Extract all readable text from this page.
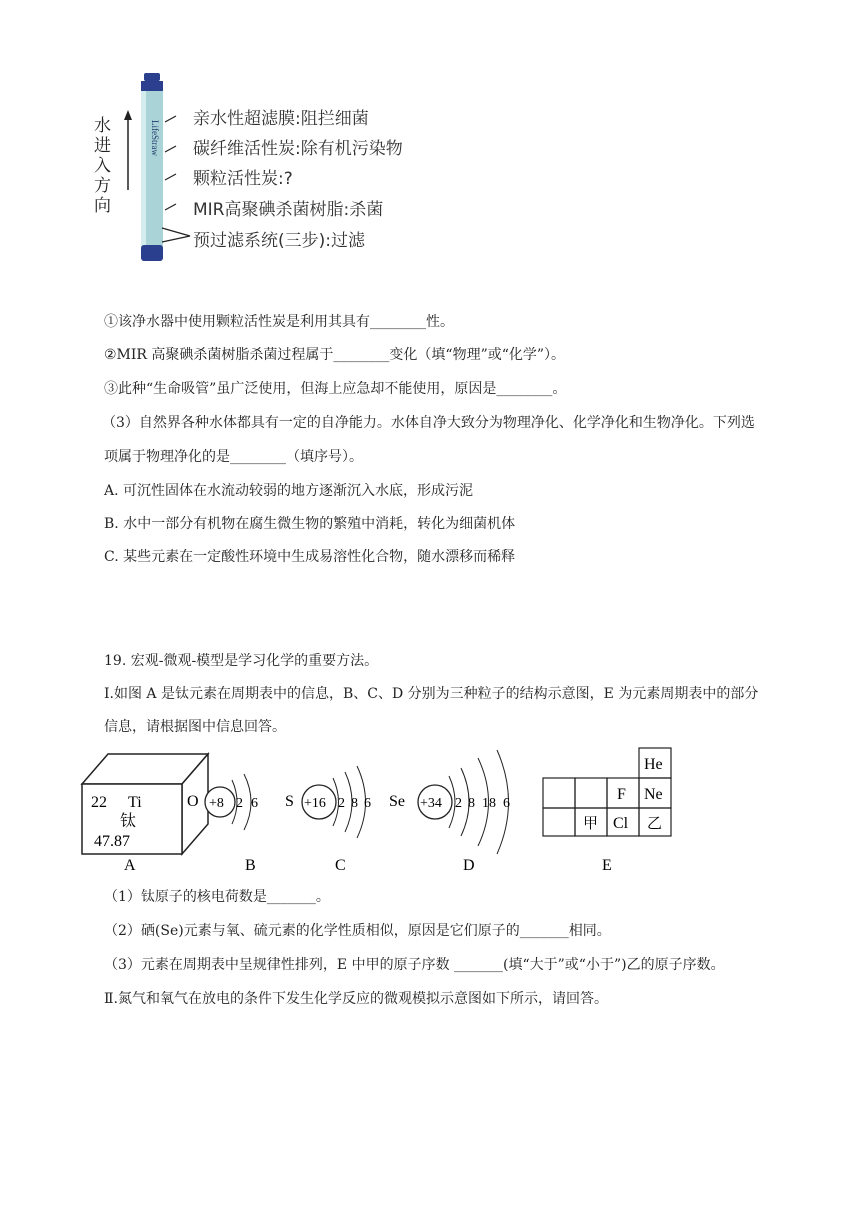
水
进
入
方
向
LifeStraw
亲水性超滤膜:阻拦细菌
碳纤维活性炭:除有机污染物
颗粒活性炭:?
MIR高聚碘杀菌树脂:杀菌
预过滤系统(三步):过滤
①该净水器中使用颗粒活性炭是利用其具有________性。
②MIR 高聚碘杀菌树脂杀菌过程属于________变化（填“物理”或“化学”）。
③此种“生命吸管”虽广泛使用，但海上应急却不能使用，原因是________。
（3）自然界各种水体都具有一定的自净能力。水体自净大致分为物理净化、化学净化和生物净化。下列选
项属于物理净化的是________（填序号）。
A. 可沉性固体在水流动较弱的地方逐渐沉入水底，形成污泥
B. 水中一部分有机物在腐生微生物的繁殖中消耗，转化为细菌机体
C. 某些元素在一定酸性环境中生成易溶性化合物，随水漂移而稀释
19. 宏观-微观-模型是学习化学的重要方法。
I.如图 A 是钛元素在周期表中的信息，B、C、D 分别为三种粒子的结构示意图，E 为元素周期表中的部分
信息，请根据图中信息回答。
22 Ti
钛
47.87
A
O +8 2 6
B
S +16 2 8 6
C
Se +34 2 8 18 6
D
He
F Ne
甲 Cl 乙
E
（1）钛原子的核电荷数是_______。
（2）硒(Se)元素与氧、硫元素的化学性质相似，原因是它们原子的_______相同。
（3）元素在周期表中呈规律性排列，E 中甲的原子序数 _______(填“大于”或“小于”)乙的原子序数。
Ⅱ.氮气和氧气在放电的条件下发生化学反应的微观模拟示意图如下所示，请回答。
